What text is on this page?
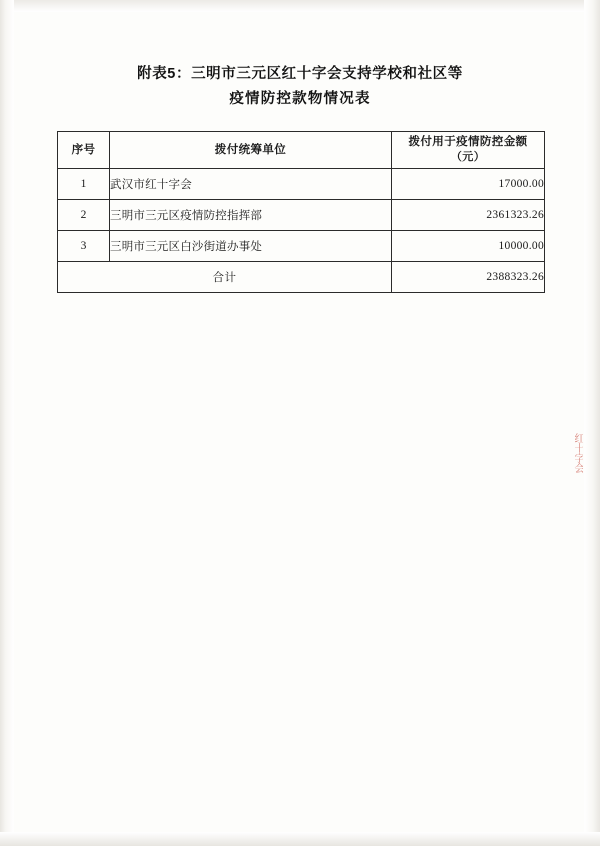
附表5：三明市三元区红十字会支持学校和社区等
疫情防控款物情况表
序号	拨付统筹单位	拨付用于疫情防控金额
（元）

1	武汉市红十字会	17000.00
2	三明市三元区疫情防控指挥部	2361323.26
3	三明市三元区白沙街道办事处	10000.00
合计		2388323.26
红十字会
